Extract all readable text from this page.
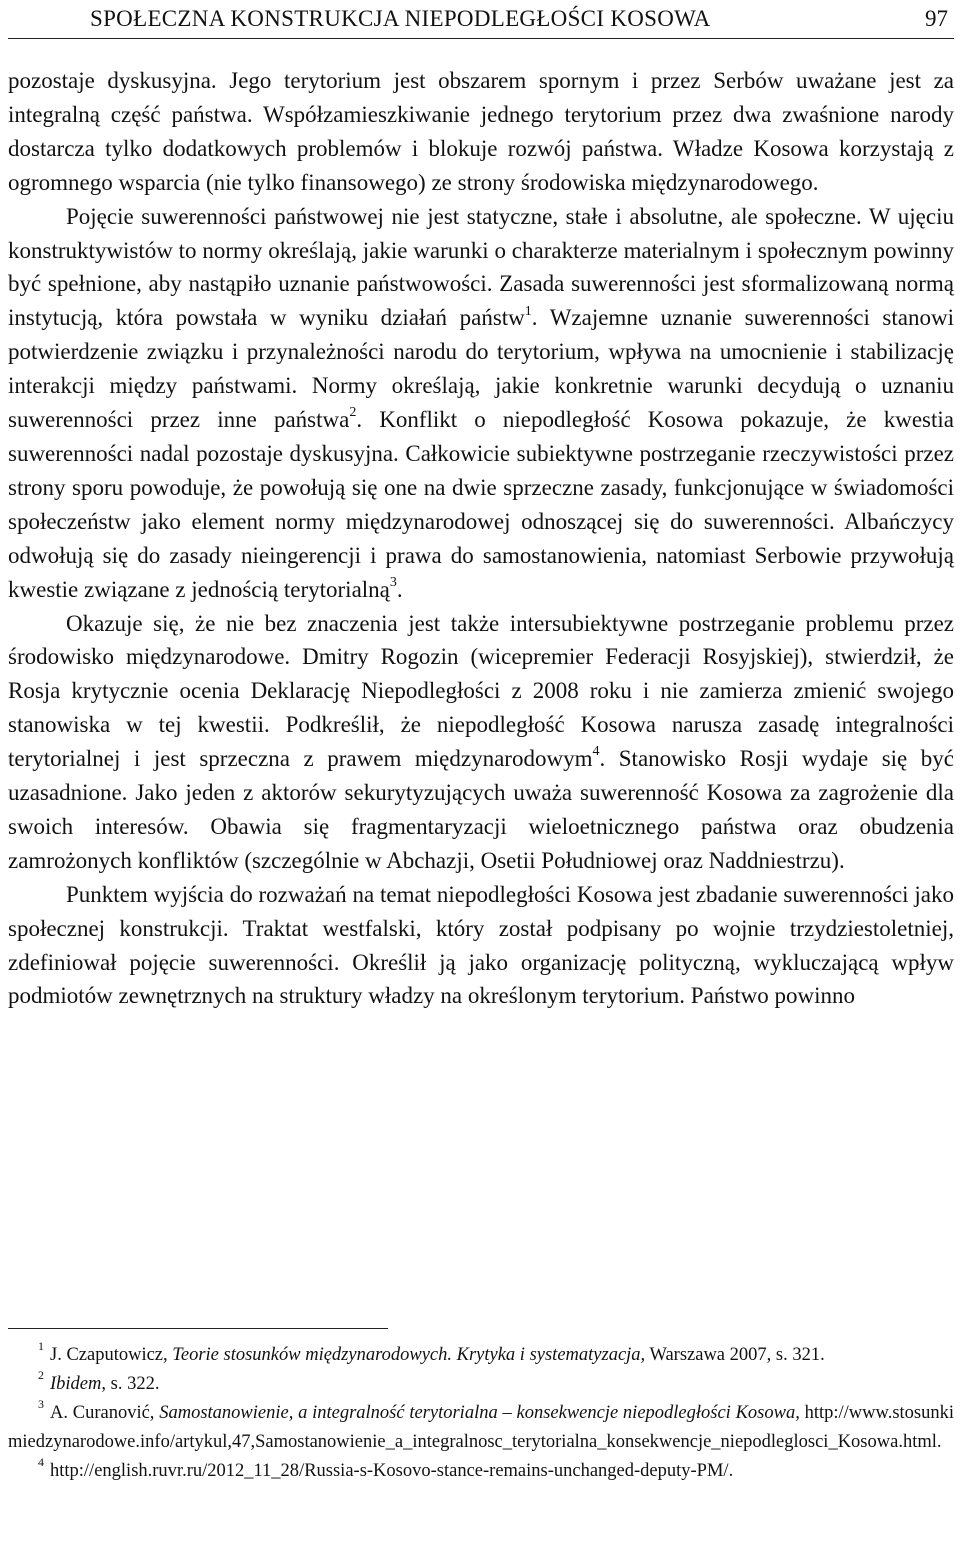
SPOŁECZNA KONSTRUKCJA NIEPODLEGŁOŚCI KOSOWA	97

pozostaje dyskusyjna. Jego terytorium jest obszarem spornym i przez Serbów uważane jest za integralną część państwa. Współzamieszkiwanie jednego terytorium przez dwa zwaśnione narody dostarcza tylko dodatkowych problemów i blokuje rozwój państwa. Władze Kosowa korzystają z ogromnego wsparcia (nie tylko finansowego) ze strony środowiska międzynarodowego.

Pojęcie suwerenności państwowej nie jest statyczne, stałe i absolutne, ale społeczne. W ujęciu konstruktywistów to normy określają, jakie warunki o charakterze materialnym i społecznym powinny być spełnione, aby nastąpiło uznanie państwowości. Zasada suwerenności jest sformalizowaną normą instytucją, która powstała w wyniku działań państw$^1$. Wzajemne uznanie suwerenności stanowi potwierdzenie związku i przynależności narodu do terytorium, wpływa na umocnienie i stabilizację interakcji między państwami. Normy określają, jakie konkretnie warunki decydują o uznaniu suwerenności przez inne państwa$^2$. Konflikt o niepodległość Kosowa pokazuje, że kwestia suwerenności nadal pozostaje dyskusyjna. Całkowicie subiektywne postrzeganie rzeczywistości przez strony sporu powoduje, że powołują się one na dwie sprzeczne zasady, funkcjonujące w świadomości społeczeństw jako element normy międzynarodowej odnoszącej się do suwerenności. Albańczycy odwołują się do zasady nieingerencji i prawa do samostanowienia, natomiast Serbowie przywołują kwestie związane z jednością terytorialną$^3$.

Okazuje się, że nie bez znaczenia jest także intersubiektywne postrzeganie problemu przez środowisko międzynarodowe. Dmitry Rogozin (wicepremier Federacji Rosyjskiej), stwierdził, że Rosja krytycznie ocenia Deklarację Niepodległości z 2008 roku i nie zamierza zmienić swojego stanowiska w tej kwestii. Podkreślił, że niepodległość Kosowa narusza zasadę integralności terytorialnej i jest sprzeczna z prawem międzynarodowym$^4$. Stanowisko Rosji wydaje się być uzasadnione. Jako jeden z aktorów sekurytyzujących uważa suwerenność Kosowa za zagrożenie dla swoich interesów. Obawia się fragmentaryzacji wieloetnicznego państwa oraz obudzenia zamrożonych konfliktów (szczególnie w Abchazji, Osetii Południowej oraz Naddniestrzu).

Punktem wyjścia do rozważań na temat niepodległości Kosowa jest zbadanie suwerenności jako społecznej konstrukcji. Traktat westfalski, który został podpisany po wojnie trzydziestoletniej, zdefiniował pojęcie suwerenności. Określił ją jako organizację polityczną, wykluczającą wpływ podmiotów zewnętrznych na struktury władzy na określonym terytorium. Państwo powinno

$^1$ J. Czaputowicz, Teorie stosunków międzynarodowych. Krytyka i systematyzacja, Warszawa 2007, s. 321.
$^2$ Ibidem, s. 322.
$^3$ A. Curanović, Samostanowienie, a integralność terytorialna – konsekwencje niepodległości Kosowa, http://www.stosunkimiedzynarodowe.info/artykul,47,Samostanowienie_a_integralnosc_terytorialna_konsekwencje_niepodleglosci_Kosowa.html.
$^4$ http://english.ruvr.ru/2012_11_28/Russia-s-Kosovo-stance-remains-unchanged-deputy-PM/.
